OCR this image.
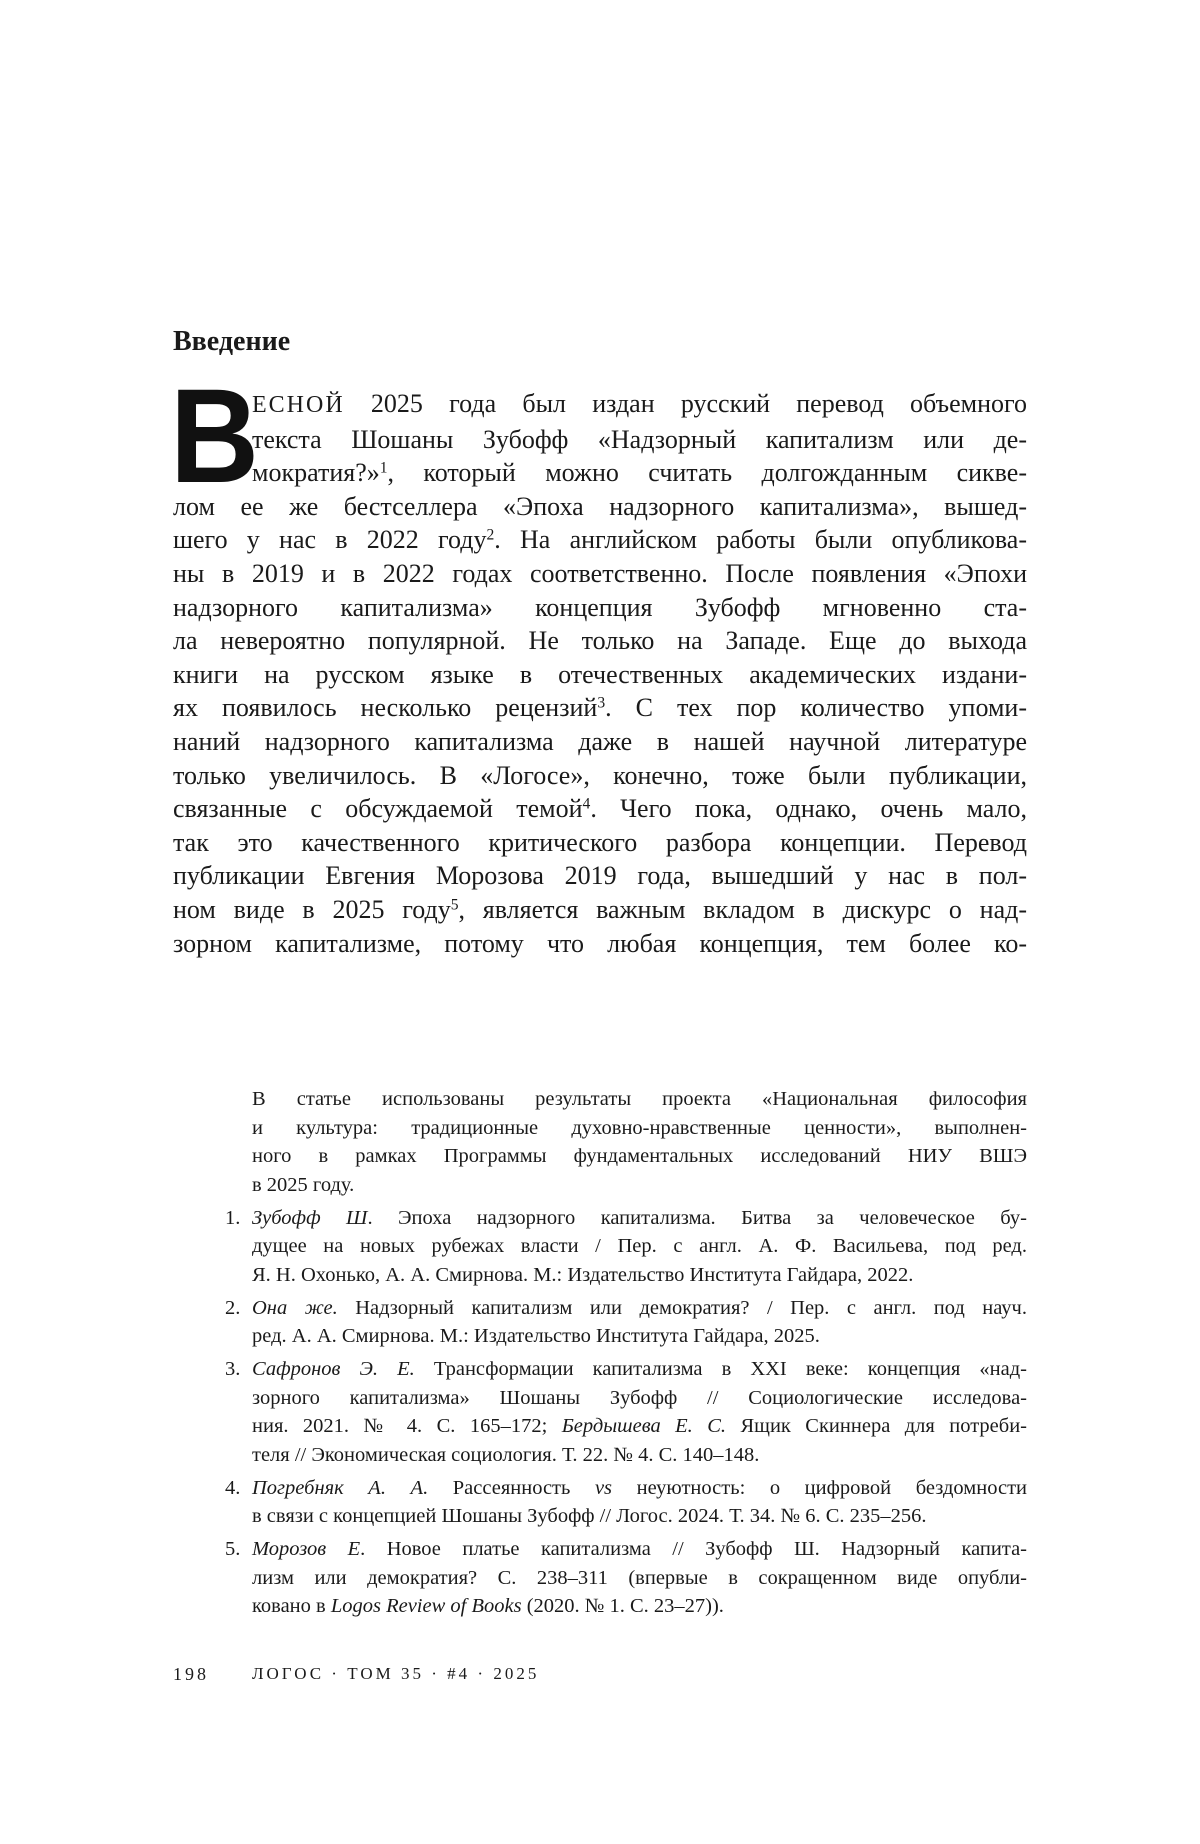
Введение
В
ЕСНОЙ 2025 года был издан русский перевод объемного
текста Шошаны Зубофф «Надзорный капитализм или де-
мократия?»$^1$, который можно считать долгожданным сикве-
лом ее же бестселлера «Эпоха надзорного капитализма», вышед-
шего у нас в 2022 году$^2$. На английском работы были опубликова-
ны в 2019 и в 2022 годах соответственно. После появления «Эпохи
надзорного капитализма» концепция Зубофф мгновенно ста-
ла невероятно популярной. Не только на Западе. Еще до выхода
книги на русском языке в отечественных академических издани-
ях появилось несколько рецензий$^3$. С тех пор количество упоми-
наний надзорного капитализма даже в нашей научной литературе
только увеличилось. В «Логосе», конечно, тоже были публикации,
связанные с обсуждаемой темой$^4$. Чего пока, однако, очень мало,
так это качественного критического разбора концепции. Перевод
публикации Евгения Морозова 2019 года, вышедший у нас в пол-
ном виде в 2025 году$^5$, является важным вкладом в дискурс о над-
зорном капитализме, потому что любая концепция, тем более ко-
В статье использованы результаты проекта «Национальная философия
и культура: традиционные духовно-нравственные ценности», выполнен-
ного в рамках Программы фундаментальных исследований НИУ ВШЭ
в 2025 году.
1. Зубофф Ш. Эпоха надзорного капитализма. Битва за человеческое бу-
дущее на новых рубежах власти / Пер. с англ. А. Ф. Васильева, под ред.
Я. Н. Охонько, А. А. Смирнова. М.: Издательство Института Гайдара, 2022.
2. Она же. Надзорный капитализм или демократия? / Пер. с англ. под науч.
ред. А. А. Смирнова. М.: Издательство Института Гайдара, 2025.
3. Сафронов Э. Е. Трансформации капитализма в XXI веке: концепция «над-
зорного капитализма» Шошаны Зубофф // Социологические исследова-
ния. 2021. № 4. С. 165–172; Бердышева Е. С. Ящик Скиннера для потреби-
теля // Экономическая социология. Т. 22. № 4. С. 140–148.
4. Погребняк А. А. Рассеянность vs неуютность: о цифровой бездомности
в связи с концепцией Шошаны Зубофф // Логос. 2024. Т. 34. № 6. С. 235–256.
5. Морозов Е. Новое платье капитализма // Зубофф Ш. Надзорный капита-
лизм или демократия? С. 238–311 (впервые в сокращенном виде опубли-
ковано в Logos Review of Books (2020. № 1. С. 23–27)).
198	ЛОГОС · ТОМ 35 · #4 · 2025
